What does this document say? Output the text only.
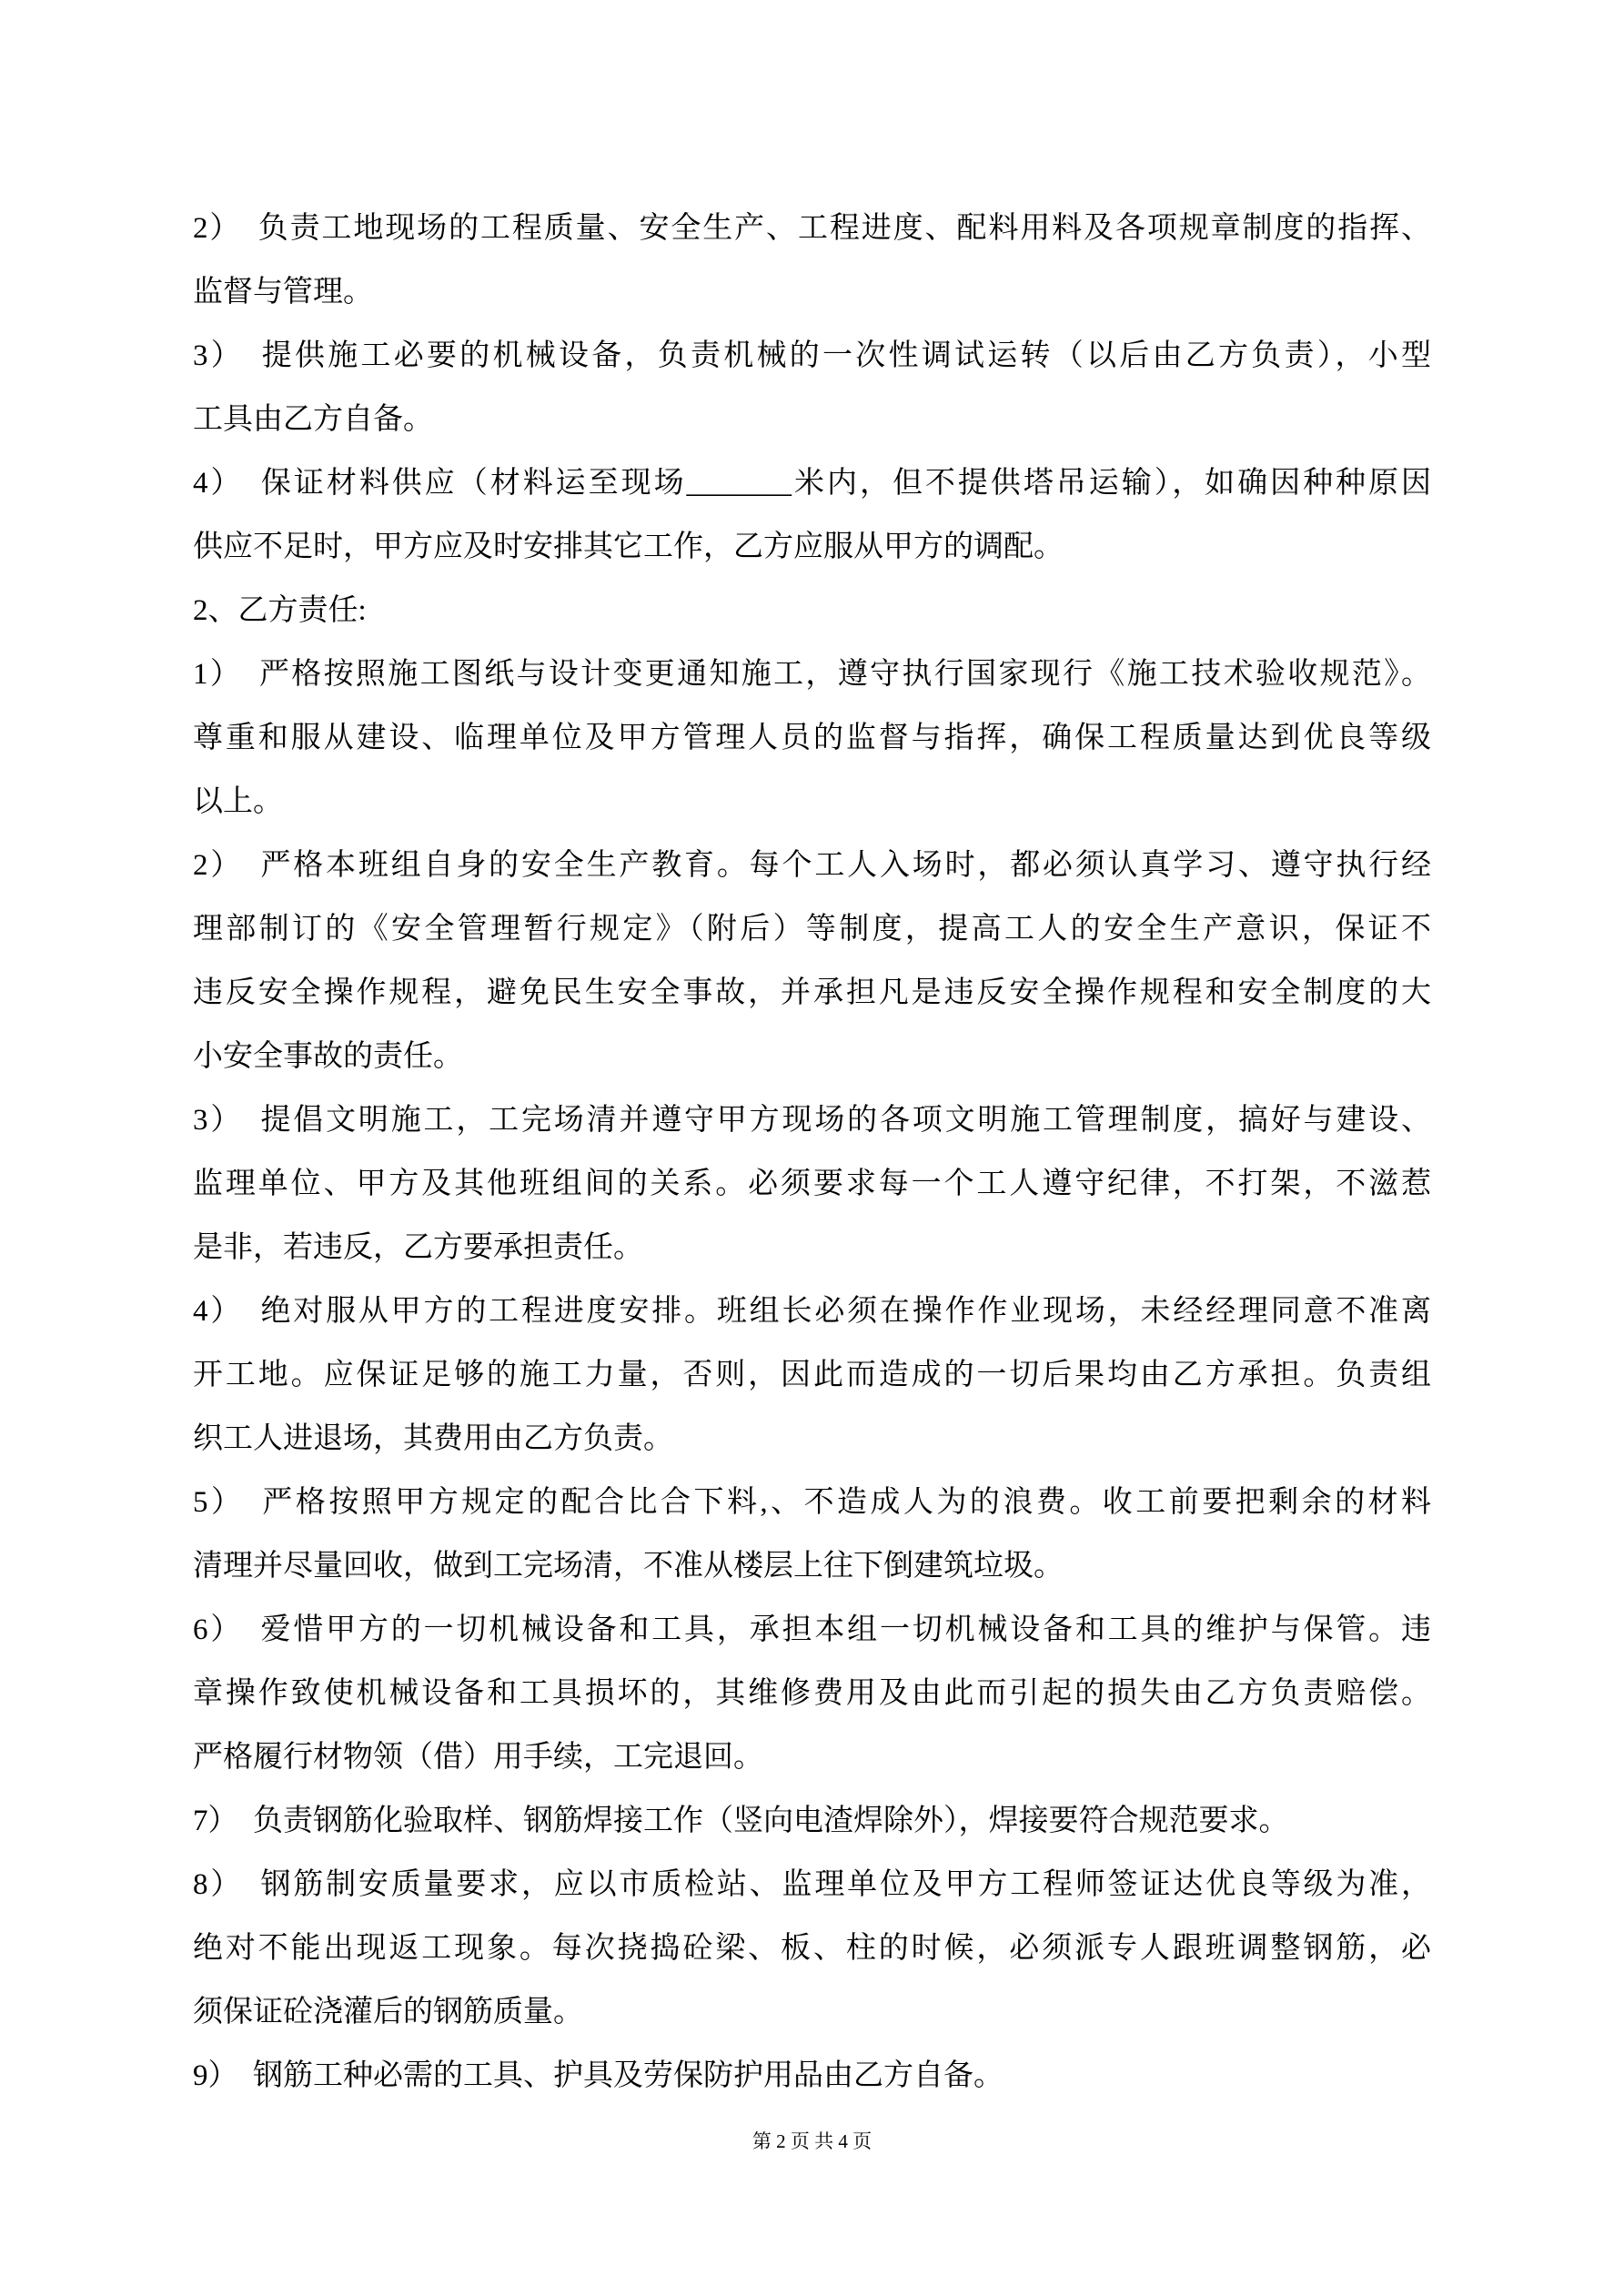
2）　负责工地现场的工程质量、安全生产、工程进度、配料用料及各项规章制度的指挥、
监督与管理。
3）　提供施工必要的机械设备，负责机械的一次性调试运转（以后由乙方负责），小型
工具由乙方自备。
4）　保证材料供应（材料运至现场_______米内，但不提供塔吊运输），如确因种种原因
供应不足时，甲方应及时安排其它工作，乙方应服从甲方的调配。
2、乙方责任:
1）　严格按照施工图纸与设计变更通知施工，遵守执行国家现行《施工技术验收规范》。
尊重和服从建设、临理单位及甲方管理人员的监督与指挥，确保工程质量达到优良等级
以上。
2）　严格本班组自身的安全生产教育。每个工人入场时，都必须认真学习、遵守执行经
理部制订的《安全管理暂行规定》（附后）等制度，提高工人的安全生产意识，保证不
违反安全操作规程，避免民生安全事故，并承担凡是违反安全操作规程和安全制度的大
小安全事故的责任。
3）　提倡文明施工，工完场清并遵守甲方现场的各项文明施工管理制度，搞好与建设、
监理单位、甲方及其他班组间的关系。必须要求每一个工人遵守纪律，不打架，不滋惹
是非，若违反，乙方要承担责任。
4）　绝对服从甲方的工程进度安排。班组长必须在操作作业现场，未经经理同意不准离
开工地。应保证足够的施工力量，否则，因此而造成的一切后果均由乙方承担。负责组
织工人进退场，其费用由乙方负责。
5）　严格按照甲方规定的配合比合下料,、不造成人为的浪费。收工前要把剩余的材料
清理并尽量回收，做到工完场清，不准从楼层上往下倒建筑垃圾。
6）　爱惜甲方的一切机械设备和工具，承担本组一切机械设备和工具的维护与保管。违
章操作致使机械设备和工具损坏的，其维修费用及由此而引起的损失由乙方负责赔偿。
严格履行材物领（借）用手续，工完退回。
7）　负责钢筋化验取样、钢筋焊接工作（竖向电渣焊除外），焊接要符合规范要求。
8）　钢筋制安质量要求，应以市质检站、监理单位及甲方工程师签证达优良等级为准，
绝对不能出现返工现象。每次挠捣砼梁、板、柱的时候，必须派专人跟班调整钢筋，必
须保证砼浇灌后的钢筋质量。
9）　钢筋工种必需的工具、护具及劳保防护用品由乙方自备。
第 2 页 共 4 页
